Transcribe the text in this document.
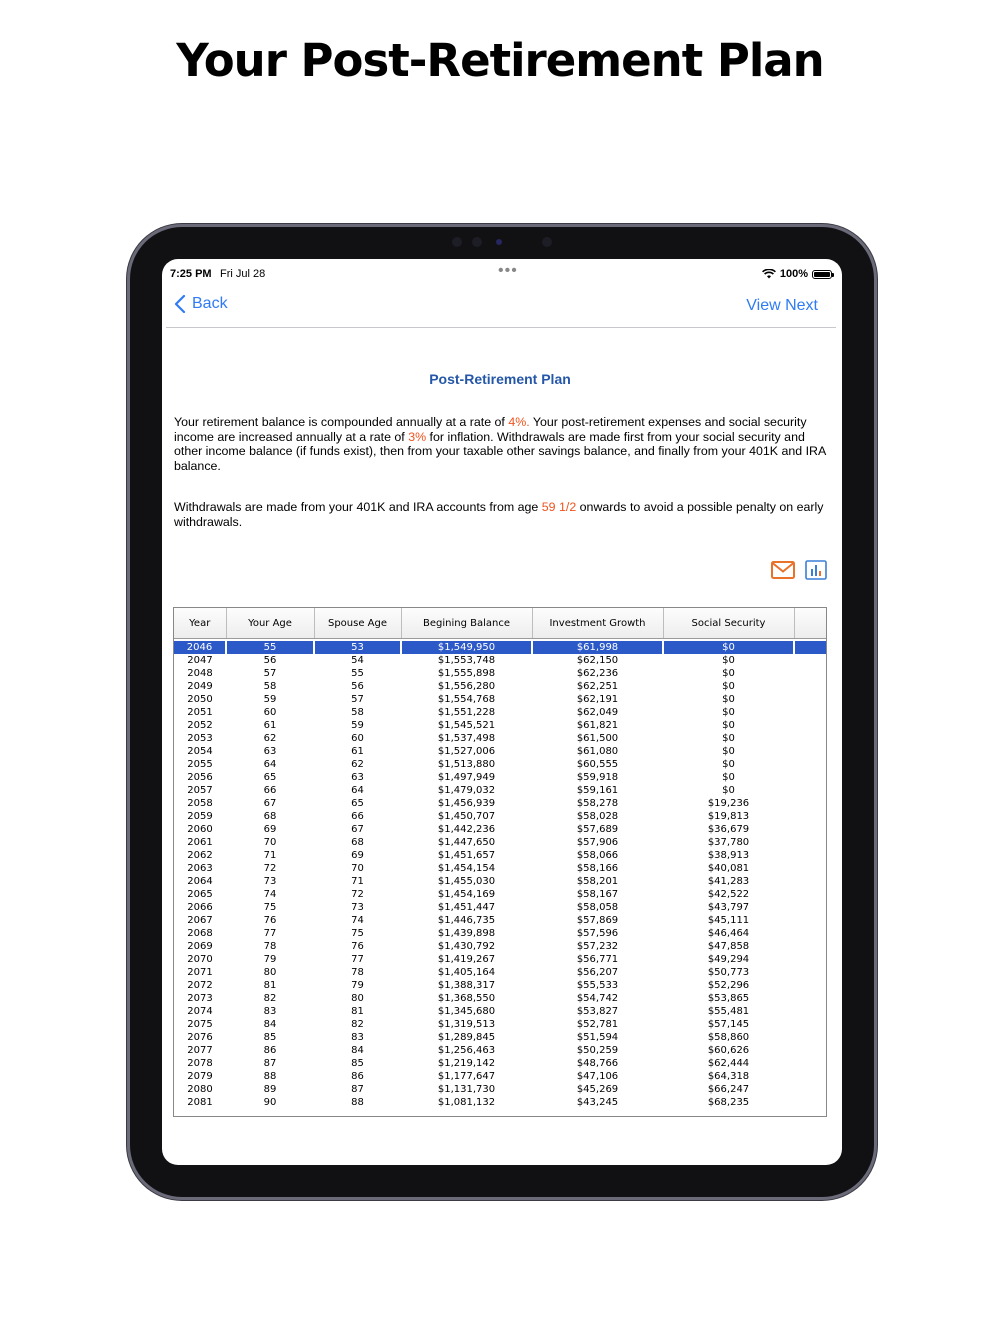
Your Post-Retirement Plan
7:25 PM Fri Jul 28	•••	100%
Back	View Next
Post-Retirement Plan

Your retirement balance is compounded annually at a rate of 4%. Your post-retirement expenses and social security income are increased annually at a rate of 3% for inflation. Withdrawals are made first from your social security and other income balance (if funds exist), then from your taxable other savings balance, and finally from your 401K and IRA balance.

Withdrawals are made from your 401K and IRA accounts from age 59 1/2 onwards to avoid a possible penalty on early withdrawals.

Year	Your Age	Spouse Age	Begining Balance	Investment Growth	Social Security	

2046	55	53	$1,549,950	$61,998	$0	
2047	56	54	$1,553,748	$62,150	$0	
2048	57	55	$1,555,898	$62,236	$0	
2049	58	56	$1,556,280	$62,251	$0	
2050	59	57	$1,554,768	$62,191	$0	
2051	60	58	$1,551,228	$62,049	$0	
2052	61	59	$1,545,521	$61,821	$0	
2053	62	60	$1,537,498	$61,500	$0	
2054	63	61	$1,527,006	$61,080	$0	
2055	64	62	$1,513,880	$60,555	$0	
2056	65	63	$1,497,949	$59,918	$0	
2057	66	64	$1,479,032	$59,161	$0	
2058	67	65	$1,456,939	$58,278	$19,236	
2059	68	66	$1,450,707	$58,028	$19,813	
2060	69	67	$1,442,236	$57,689	$36,679	
2061	70	68	$1,447,650	$57,906	$37,780	
2062	71	69	$1,451,657	$58,066	$38,913	
2063	72	70	$1,454,154	$58,166	$40,081	
2064	73	71	$1,455,030	$58,201	$41,283	
2065	74	72	$1,454,169	$58,167	$42,522	
2066	75	73	$1,451,447	$58,058	$43,797	
2067	76	74	$1,446,735	$57,869	$45,111	
2068	77	75	$1,439,898	$57,596	$46,464	
2069	78	76	$1,430,792	$57,232	$47,858	
2070	79	77	$1,419,267	$56,771	$49,294	
2071	80	78	$1,405,164	$56,207	$50,773	
2072	81	79	$1,388,317	$55,533	$52,296	
2073	82	80	$1,368,550	$54,742	$53,865	
2074	83	81	$1,345,680	$53,827	$55,481	
2075	84	82	$1,319,513	$52,781	$57,145	
2076	85	83	$1,289,845	$51,594	$58,860	
2077	86	84	$1,256,463	$50,259	$60,626	
2078	87	85	$1,219,142	$48,766	$62,444	
2079	88	86	$1,177,647	$47,106	$64,318	
2080	89	87	$1,131,730	$45,269	$66,247	
2081	90	88	$1,081,132	$43,245	$68,235	
